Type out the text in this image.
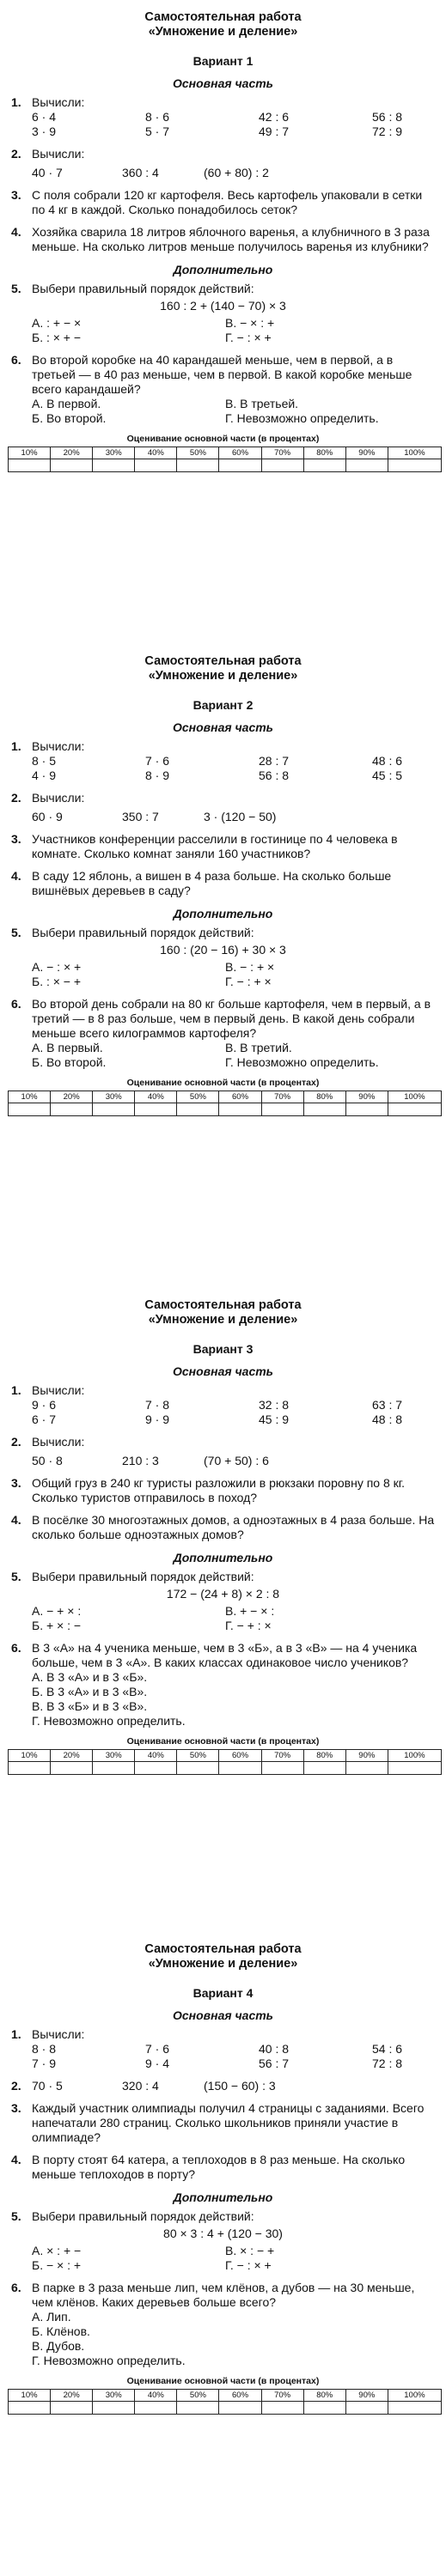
Самостоятельная работа
«Умножение и деление»
Вариант 1
Основная часть
1. Вычисли:
6 · 4	8 · 6	42 : 6	56 : 8
3 · 9	5 · 7	49 : 7	72 : 9
2. Вычисли:
40 · 7	360 : 4	(60 + 80) : 2
3. С поля собрали 120 кг картофеля. Весь картофель упаковали в сетки по 4 кг в каждой. Сколько понадобилось сеток?
4. Хозяйка сварила 18 литров яблочного варенья, а клубничного в 3 раза меньше. На сколько литров меньше получилось варенья из клубники?
Дополнительно
5. Выбери правильный порядок действий:
160 : 2 + (140 − 70) × 3
А. : + − ×	В. − × : +
Б. : × + −	Г. − : × +
6. Во второй коробке на 40 карандашей меньше, чем в первой, а в третьей — в 40 раз меньше, чем в первой. В какой коробке меньше всего карандашей?
А. В первой.	В. В третьей.
Б. Во второй.	Г. Невозможно определить.
Оценивание основной части (в процентах)
10%	20%	30%	40%	50%	60%	70%	80%	90%	100%

Самостоятельная работа
«Умножение и деление»
Вариант 2
Основная часть
1. Вычисли:
8 · 5	7 · 6	28 : 7	48 : 6
4 · 9	8 · 9	56 : 8	45 : 5
2. Вычисли:
60 · 9	350 : 7	3 · (120 − 50)
3. Участников конференции расселили в гостинице по 4 человека в комнате. Сколько комнат заняли 160 участников?
4. В саду 12 яблонь, а вишен в 4 раза больше. На сколько больше вишнёвых деревьев в саду?
Дополнительно
5. Выбери правильный порядок действий:
160 : (20 − 16) + 30 × 3
А. − : × +	В. − : + ×
Б. : × − +	Г. − : + ×
6. Во второй день собрали на 80 кг больше картофеля, чем в первый, а в третий — в 8 раз больше, чем в первый день. В какой день собрали меньше всего килограммов картофеля?
А. В первый.	В. В третий.
Б. Во второй.	Г. Невозможно определить.
Оценивание основной части (в процентах)
10%	20%	30%	40%	50%	60%	70%	80%	90%	100%

Самостоятельная работа
«Умножение и деление»
Вариант 3
Основная часть
1. Вычисли:
9 · 6	7 · 8	32 : 8	63 : 7
6 · 7	9 · 9	45 : 9	48 : 8
2. Вычисли:
50 · 8	210 : 3	(70 + 50) : 6
3. Общий груз в 240 кг туристы разложили в рюкзаки поровну по 8 кг. Сколько туристов отправилось в поход?
4. В посёлке 30 многоэтажных домов, а одноэтажных в 4 раза больше. На сколько больше одноэтажных домов?
Дополнительно
5. Выбери правильный порядок действий:
172 − (24 + 8) × 2 : 8
А. − + × :	В. + − × :
Б. + × : −	Г. − + : ×
6. В 3 «А» на 4 ученика меньше, чем в 3 «Б», а в 3 «В» — на 4 ученика больше, чем в 3 «А». В каких классах одинаковое число учеников?
А. В 3 «А» и в 3 «Б».
Б. В 3 «А» и в 3 «В».
В. В 3 «Б» и в 3 «В».
Г. Невозможно определить.
Оценивание основной части (в процентах)
10%	20%	30%	40%	50%	60%	70%	80%	90%	100%

Самостоятельная работа
«Умножение и деление»
Вариант 4
Основная часть
1. Вычисли:
8 · 8	7 · 6	40 : 8	54 : 6
7 · 9	9 · 4	56 : 7	72 : 8
2. 70 · 5	320 : 4	(150 − 60) : 3
3. Каждый участник олимпиады получил 4 страницы с заданиями. Всего напечатали 280 страниц. Сколько школьников приняли участие в олимпиаде?
4. В порту стоят 64 катера, а теплоходов в 8 раз меньше. На сколько меньше теплоходов в порту?
Дополнительно
5. Выбери правильный порядок действий:
80 × 3 : 4 + (120 − 30)
А. × : + −	В. × : − +
Б. − × : +	Г. − : × +
6. В парке в 3 раза меньше лип, чем клёнов, а дубов — на 30 меньше, чем клёнов. Каких деревьев больше всего?
А. Лип.
Б. Клёнов.
В. Дубов.
Г. Невозможно определить.
Оценивание основной части (в процентах)
10%	20%	30%	40%	50%	60%	70%	80%	90%	100%
